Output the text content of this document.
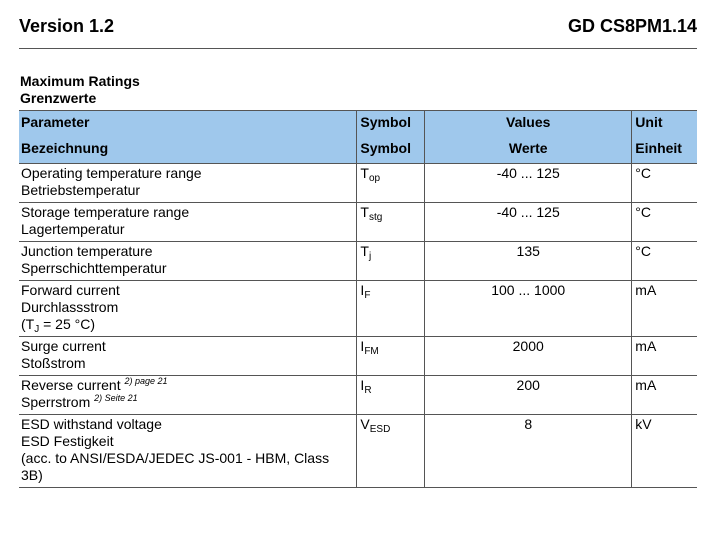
Version 1.2	GD CS8PM1.14
Maximum Ratings
Grenzwerte
Parameter	Symbol	Values	Unit
Bezeichnung	Symbol	Werte	Einheit

Operating temperature range
Betriebstemperatur	$T_{op}$	-40 ... 125	°C

Storage temperature range
Lagertemperatur	$T_{stg}$	-40 ... 125	°C

Junction temperature
Sperrschichttemperatur	$T_j$	135	°C

Forward current
Durchlassstrom
($T_J = 25$ °C)	$I_F$	100 ... 1000	mA

Surge current
Stoßstrom	$I_{FM}$	2000	mA

Reverse current $^{2) page 21}$
Sperrstrom $^{2) Seite 21}$	$I_R$	200	mA

ESD withstand voltage
ESD Festigkeit
(acc. to ANSI/ESDA/JEDEC JS-001 - HBM, Class 3B)	$V_{ESD}$	8	kV
